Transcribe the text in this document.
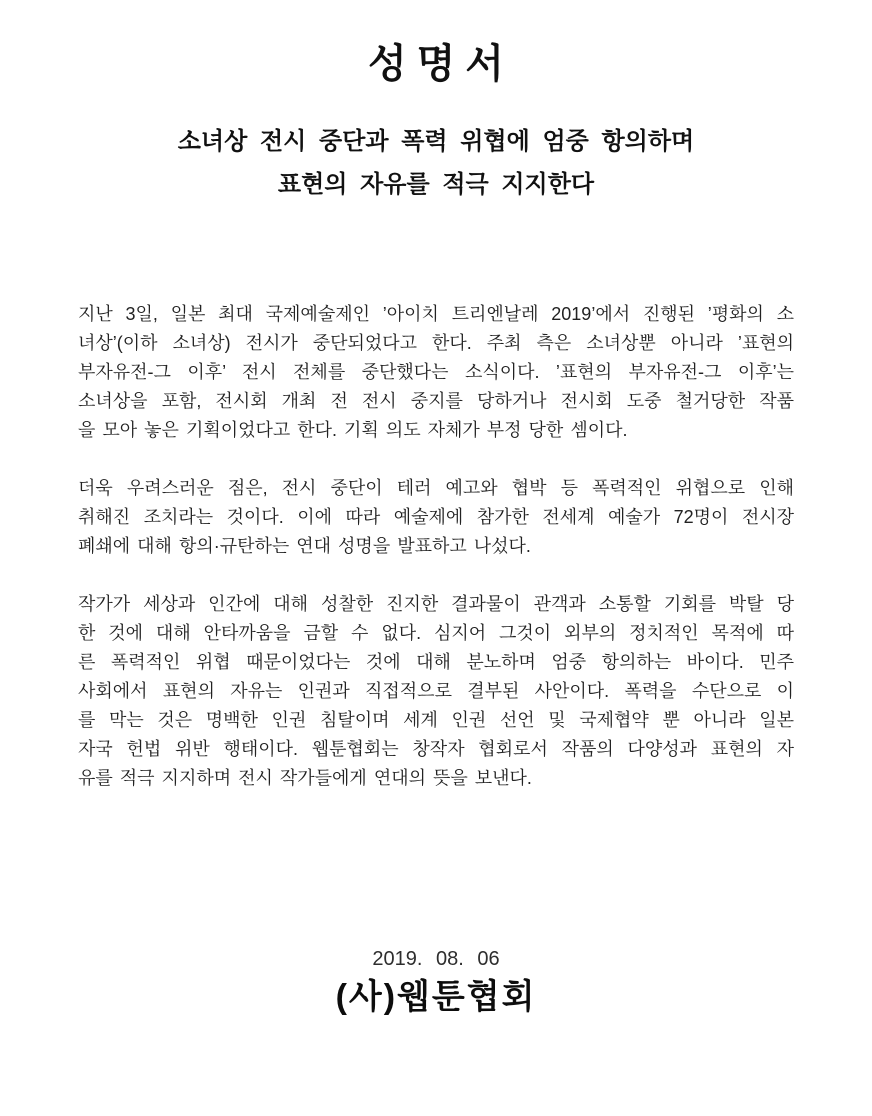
성명서
소녀상 전시 중단과 폭력 위협에 엄중 항의하며
표현의 자유를 적극 지지한다
지난 3일, 일본 최대 국제예술제인 ’아이치 트리엔날레 2019’에서 진행된 ’평화의 소
녀상’(이하 소녀상) 전시가 중단되었다고 한다. 주최 측은 소녀상뿐 아니라 ’표현의
부자유전-그 이후’ 전시 전체를 중단했다는 소식이다. ’표현의 부자유전-그 이후’는
소녀상을 포함, 전시회 개최 전 전시 중지를 당하거나 전시회 도중 철거당한 작품
을 모아 놓은 기획이었다고 한다. 기획 의도 자체가 부정 당한 셈이다.
더욱 우려스러운 점은, 전시 중단이 테러 예고와 협박 등 폭력적인 위협으로 인해
취해진 조치라는 것이다. 이에 따라 예술제에 참가한 전세계 예술가 72명이 전시장
폐쇄에 대해 항의·규탄하는 연대 성명을 발표하고 나섰다.
작가가 세상과 인간에 대해 성찰한 진지한 결과물이 관객과 소통할 기회를 박탈 당
한 것에 대해 안타까움을 금할 수 없다. 심지어 그것이 외부의 정치적인 목적에 따
른 폭력적인 위협 때문이었다는 것에 대해 분노하며 엄중 항의하는 바이다. 민주
사회에서 표현의 자유는 인권과 직접적으로 결부된 사안이다. 폭력을 수단으로 이
를 막는 것은 명백한 인권 침탈이며 세계 인권 선언 및 국제협약 뿐 아니라 일본
자국 헌법 위반 행태이다. 웹툰협회는 창작자 협회로서 작품의 다양성과 표현의 자
유를 적극 지지하며 전시 작가들에게 연대의 뜻을 보낸다.
2019. 08. 06
(사)웹툰협회
